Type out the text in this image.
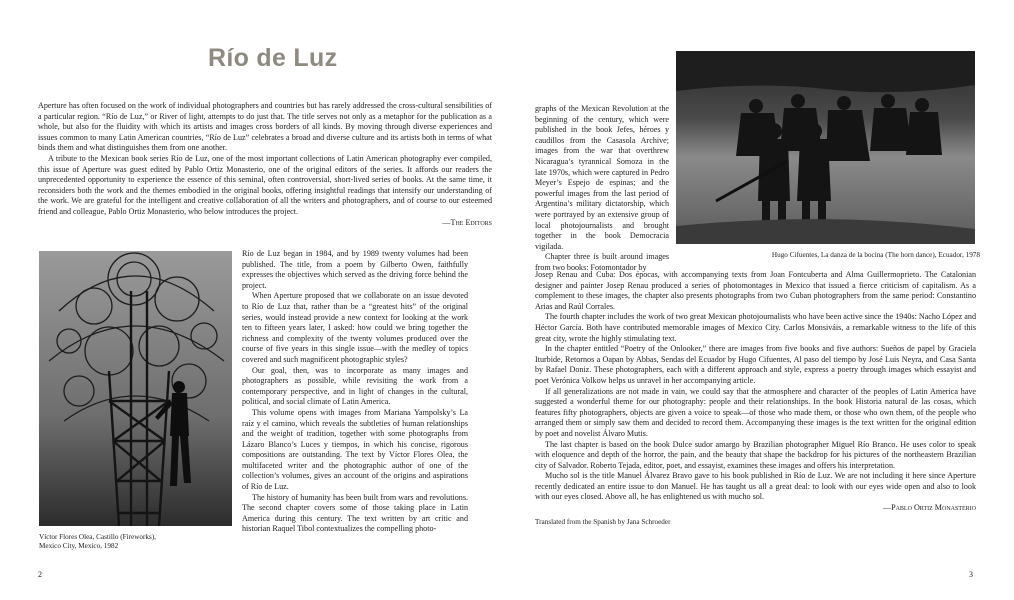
Río de Luz

Aperture has often focused on the work of individual photographers and countries but has rarely addressed the cross-cultural sensibilities of a particular region. “Río de Luz,” or River of light, attempts to do just that. The title serves not only as a metaphor for the publication as a whole, but also for the fluidity with which its artists and images cross borders of all kinds. By moving through diverse experiences and issues common to many Latin American countries, “Río de Luz” celebrates a broad and diverse culture and its artists both in terms of what binds them and what distinguishes them from one another.

A tribute to the Mexican book series Río de Luz, one of the most important collections of Latin American photography ever compiled, this issue of Aperture was guest edited by Pablo Ortiz Monasterio, one of the original editors of the series. It affords our readers the unprecedented opportunity to experience the essence of this seminal, often controversial, short-lived series of books. At the same time, it reconsiders both the work and the themes embodied in the original books, offering insightful readings that intensify our understanding of the work. We are grateful for the intelligent and creative collaboration of all the writers and photographers, and of course to our esteemed friend and colleague, Pablo Ortiz Monasterio, who below introduces the project.

—The Editors

Víctor Flores Olea, Castillo (Fireworks),
Mexico City, Mexico, 1982

Río de Luz began in 1984, and by 1989 twenty volumes had been published. The title, from a poem by Gilberto Owen, faithfully expresses the objectives which served as the driving force behind the project.

When Aperture proposed that we collaborate on an issue devoted to Río de Luz that, rather than be a “greatest hits” of the original series, would instead provide a new context for looking at the work ten to fifteen years later, I asked: how could we bring together the richness and complexity of the twenty volumes produced over the course of five years in this single issue—with the medley of topics covered and such magnificent photographic styles?

Our goal, then, was to incorporate as many images and photographers as possible, while revisiting the work from a contemporary perspective, and in light of changes in the cultural, political, and social climate of Latin America.

This volume opens with images from Mariana Yampolsky’s La raíz y el camino, which reveals the subtleties of human relationships and the weight of tradition, together with some photographs from Lázaro Blanco’s Luces y tiempos, in which his concise, rigorous compositions are outstanding. The text by Víctor Flores Olea, the multifaceted writer and the photographic author of one of the collection’s volumes, gives an account of the origins and aspirations of Río de Luz.

The history of humanity has been built from wars and revolutions. The second chapter covers some of those taking place in Latin America during this century. The text written by art critic and historian Raquel Tibol contextualizes the compelling photo-

graphs of the Mexican Revolution at the beginning of the century, which were published in the book Jefes, héroes y caudillos from the Casasola Archive; images from the war that overthrew Nicaragua’s tyrannical Somoza in the late 1970s, which were captured in Pedro Meyer’s Espejo de espinas; and the powerful images from the last period of Argentina’s military dictatorship, which were portrayed by an extensive group of local photojournalists and brought together in the book Democracia vigilada.

Chapter three is built around images from two books: Fotomontador by

Hugo Cifuentes, La danza de la bocina (The horn dance), Ecuador, 1978

Josep Renau and Cuba: Dos épocas, with accompanying texts from Joan Fontcuberta and Alma Guillermoprieto. The Catalonian designer and painter Josep Renau produced a series of photomontages in Mexico that issued a fierce criticism of capitalism. As a complement to these images, the chapter also presents photographs from two Cuban photographers from the same period: Constantino Arias and Raúl Corrales.

The fourth chapter includes the work of two great Mexican photojournalists who have been active since the 1940s: Nacho López and Héctor García. Both have contributed memorable images of Mexico City. Carlos Monsiváis, a remarkable witness to the life of this great city, wrote the highly stimulating text.

In the chapter entitled “Poetry of the Onlooker,” there are images from five books and five authors: Sueños de papel by Graciela Iturbide, Retornos a Oapan by Abbas, Sendas del Ecuador by Hugo Cifuentes, Al paso del tiempo by José Luis Neyra, and Casa Santa by Rafael Doniz. These photographers, each with a different approach and style, express a poetry through images which essayist and poet Verónica Volkow helps us unravel in her accompanying article.

If all generalizations are not made in vain, we could say that the atmosphere and character of the peoples of Latin America have suggested a wonderful theme for our photography: people and their relationships. In the book Historia natural de las cosas, which features fifty photographers, objects are given a voice to speak—of those who made them, or those who own them, of the people who arranged them or simply saw them and decided to record them. Accompanying these images is the text written for the original edition by poet and novelist Álvaro Mutis.

The last chapter is based on the book Dulce sudor amargo by Brazilian photographer Miguel Río Branco. He uses color to speak with eloquence and depth of the horror, the pain, and the beauty that shape the backdrop for his pictures of the northeastern Brazilian city of Salvador. Roberto Tejada, editor, poet, and essayist, examines these images and offers his interpretation.

Mucho sol is the title Manuel Álvarez Bravo gave to his book published in Río de Luz. We are not including it here since Aperture recently dedicated an entire issue to don Manuel. He has taught us all a great deal: to look with our eyes wide open and also to look with our eyes closed. Above all, he has enlightened us with mucho sol.

—Pablo Ortiz Monasterio

Translated from the Spanish by Jana Schroeder
2	3
